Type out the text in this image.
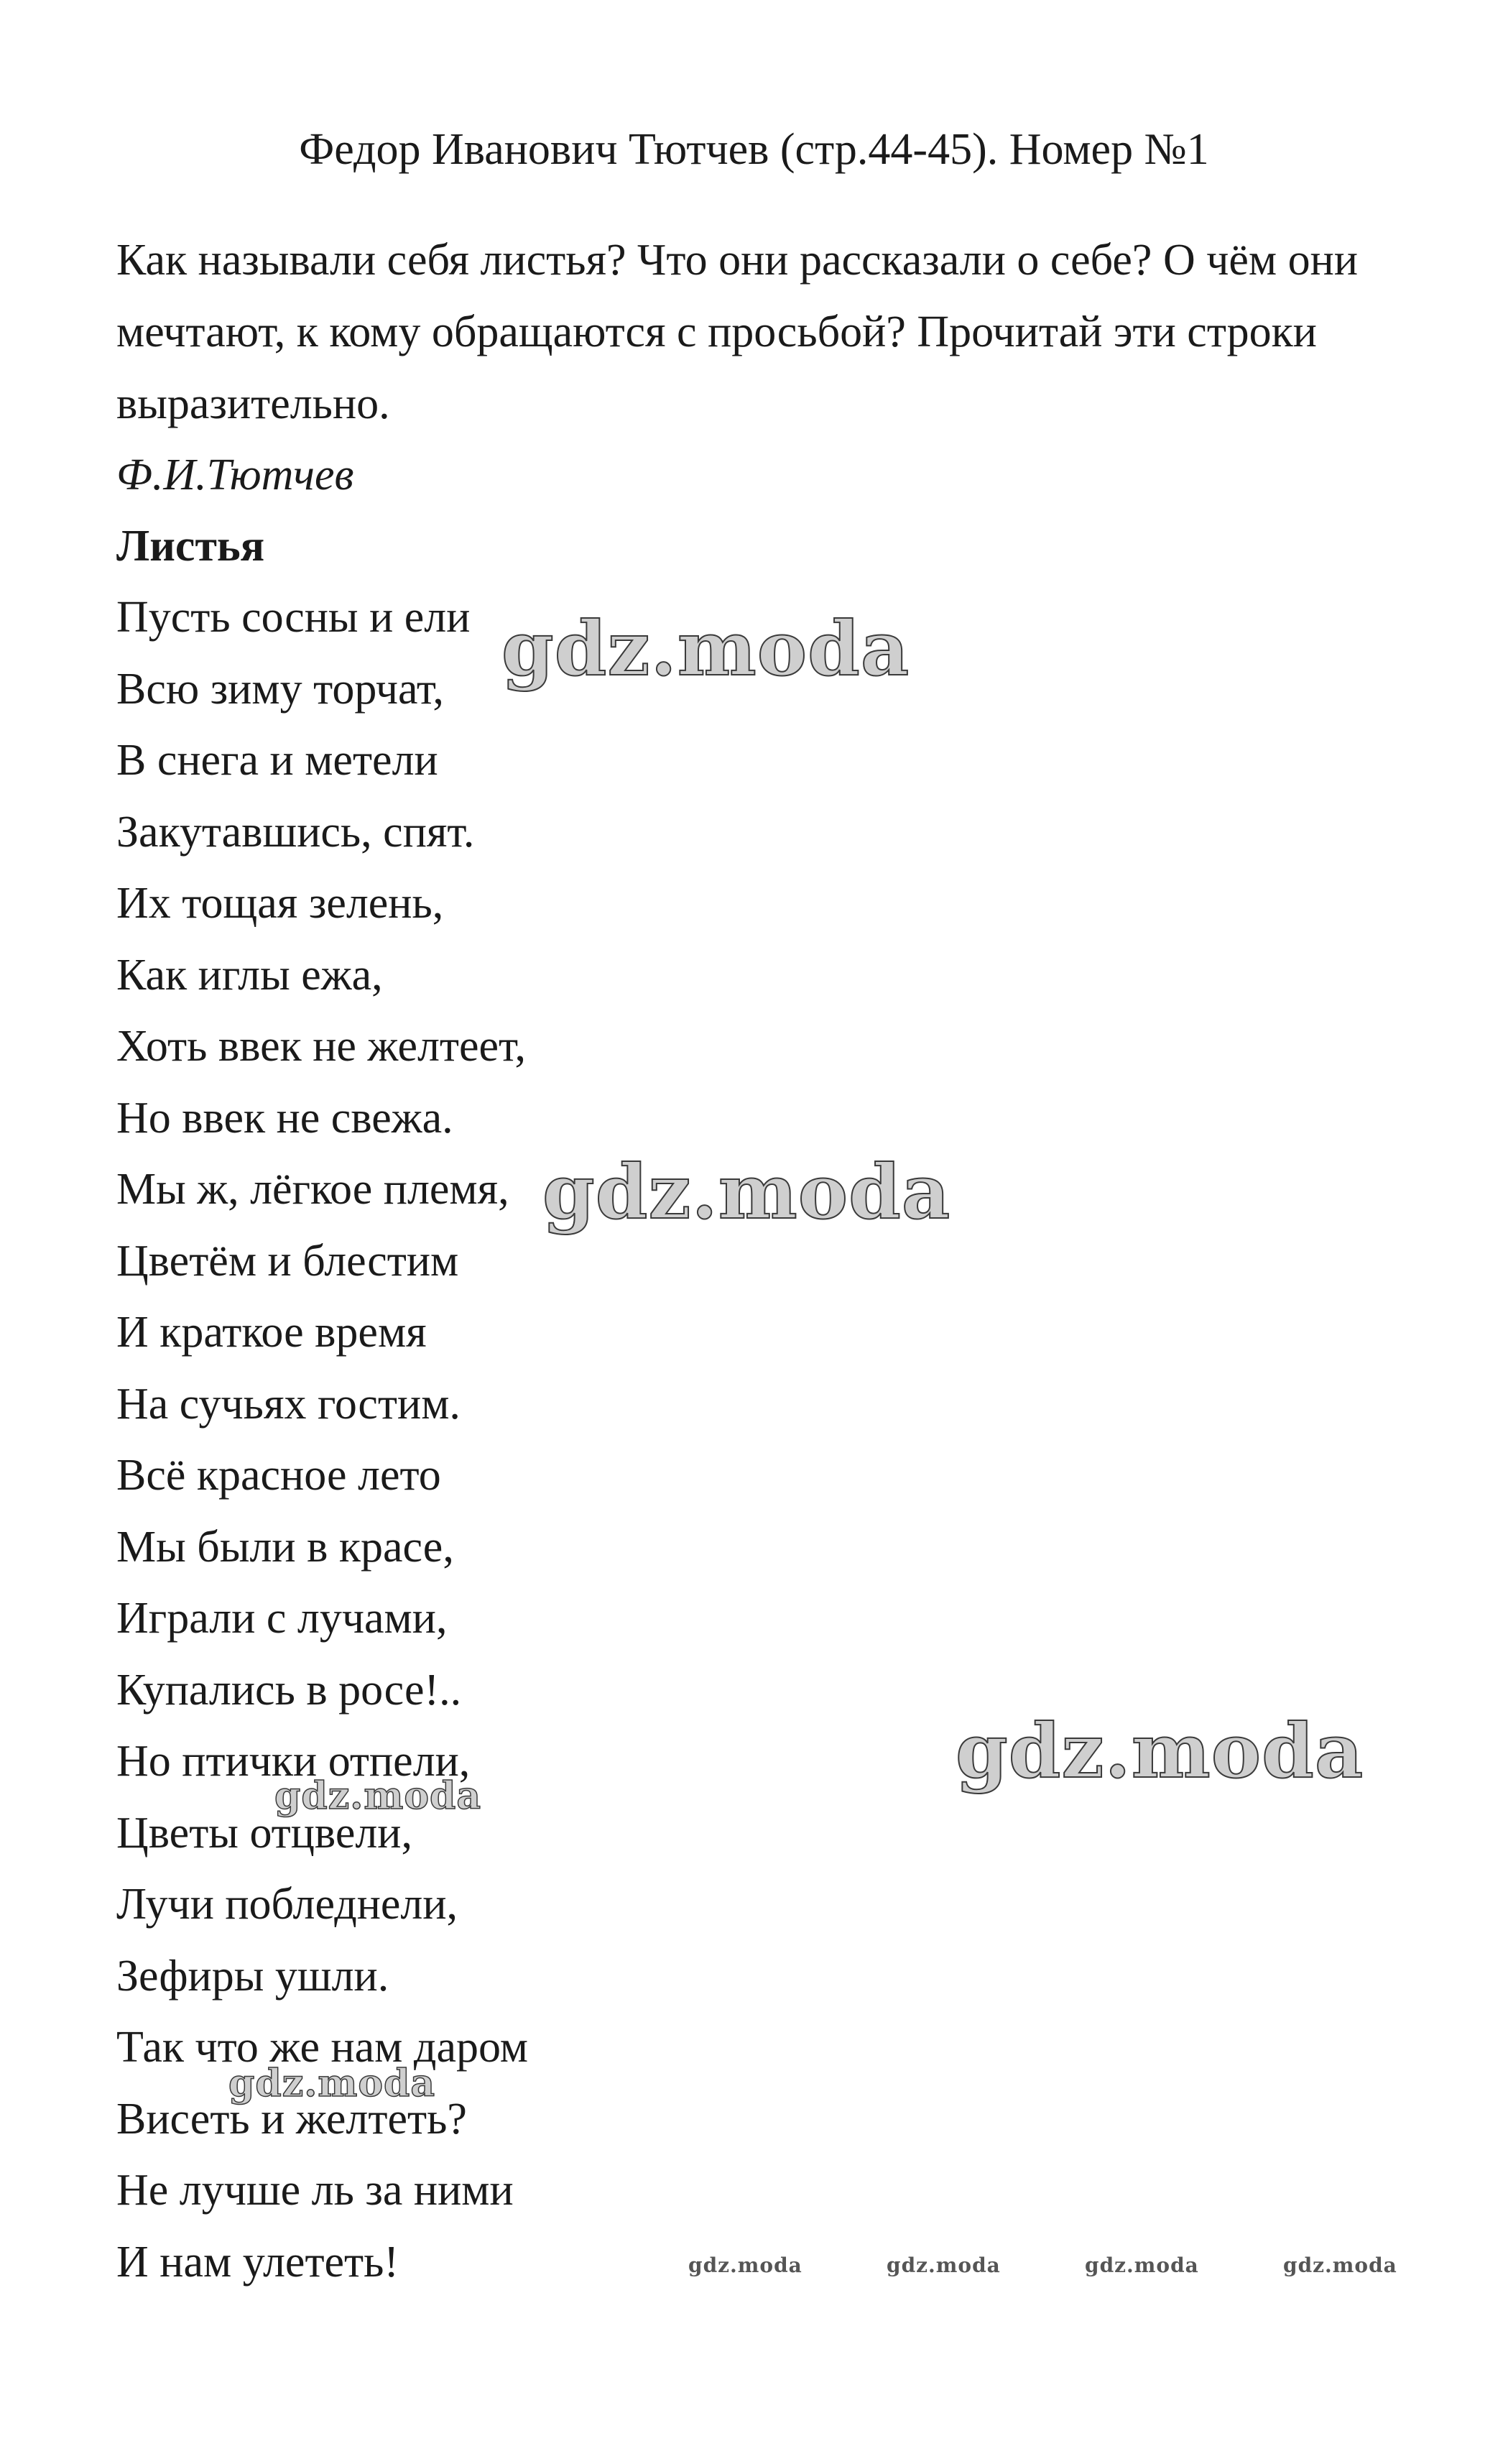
Федор Иванович Тютчев (стр.44-45). Номер №1
Как называли себя листья? Что они рассказали о себе? О чём они мечтают, к кому обращаются с просьбой? Прочитай эти строки выразительно.
Ф.И.Тютчев
Листья
Пусть сосны и ели
Всю зиму торчат,
В снега и метели
Закутавшись, спят.
Их тощая зелень,
Как иглы ежа,
Хоть ввек не желтеет,
Но ввек не свежа.
Мы ж, лёгкое племя,
Цветём и блестим
И краткое время
На сучьях гостим.
Всё красное лето
Мы были в красе,
Играли с лучами,
Купались в росе!..
Но птички отпели,
Цветы отцвели,
Лучи побледнели,
Зефиры ушли.
Так что же нам даром
Висеть и желтеть?
Не лучше ль за ними
И нам улететь!
gdz.moda
gdz.moda
gdz.moda
gdz.moda
gdz.moda
gdz.moda	gdz.moda	gdz.moda	gdz.moda
